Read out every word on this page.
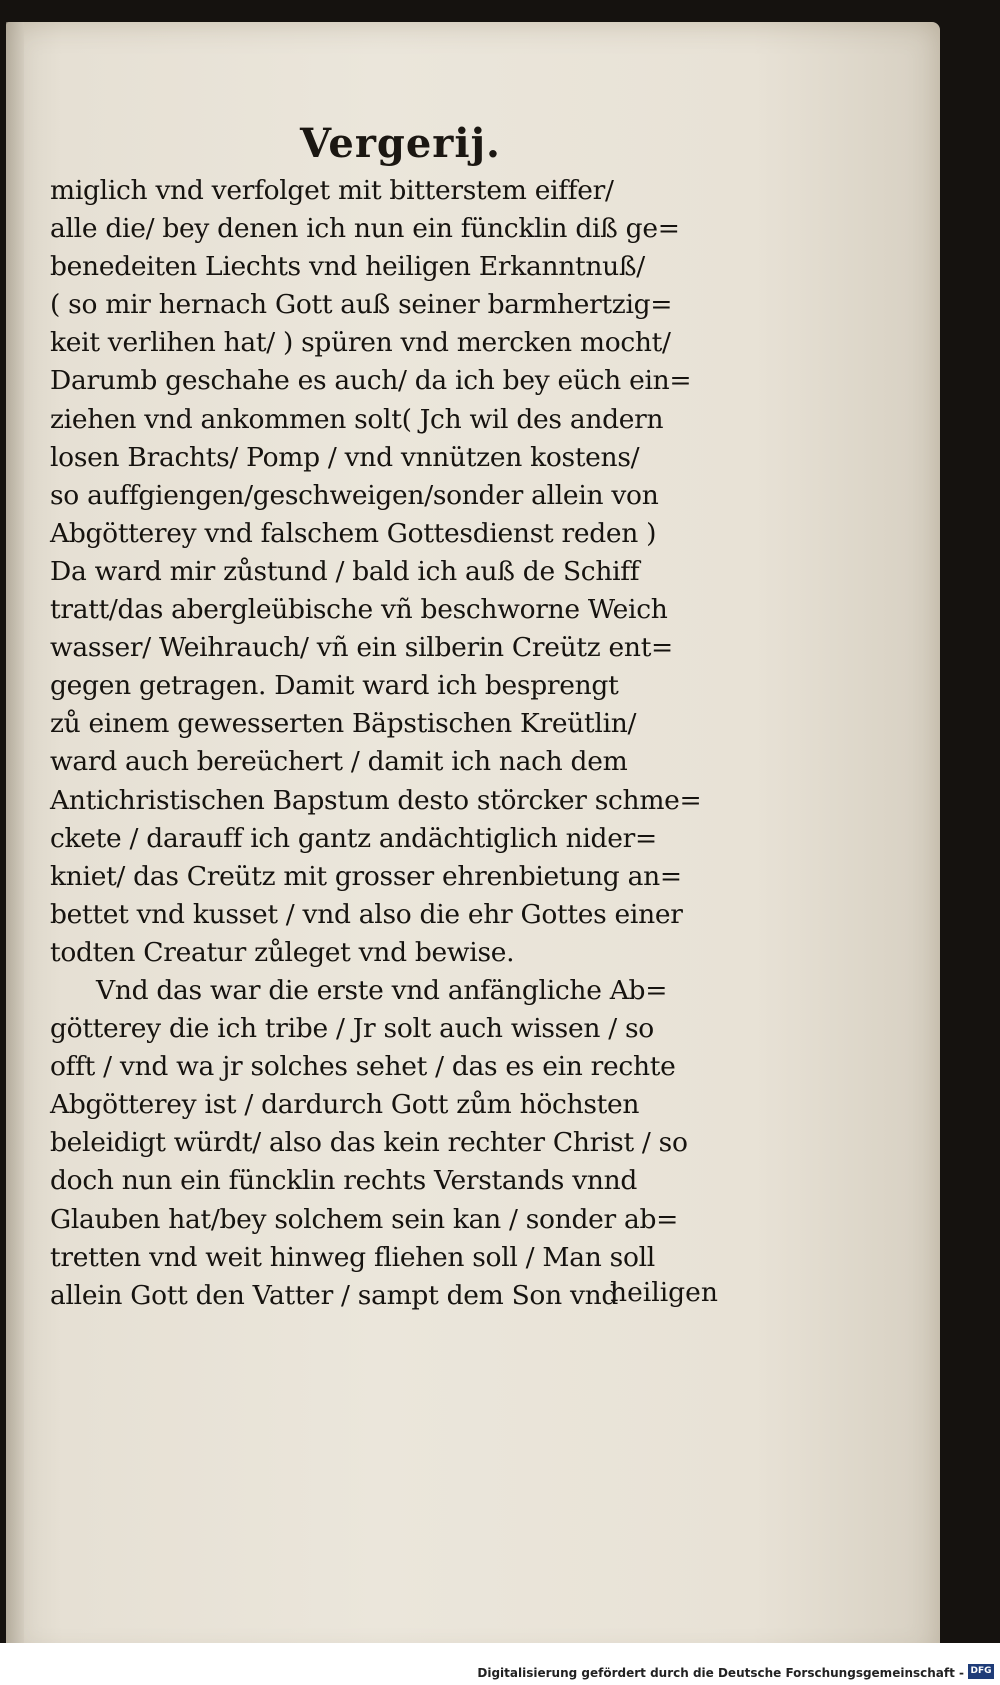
Vergerij.
miglich vnd verfolget mit bitterstem eiffer/
alle die/ bey denen ich nun ein füncklin diß ge=
benedeiten Liechts vnd heiligen Erkanntnuß/
( so mir hernach Gott auß seiner barmhertzig=
keit verlihen hat/ ) spüren vnd mercken mocht/
Darumb geschahe es auch/ da ich bey eüch ein=
ziehen vnd ankommen solt( Jch wil des andern
losen Brachts/ Pomp / vnd vnnützen kostens/
so auffgiengen/geschweigen/sonder allein von
Abgötterey vnd falschem Gottesdienst reden )
Da ward mir zůstund / bald ich auß de Schiff
tratt/das abergleübische vñ beschworne Weich
wasser/ Weihrauch/ vñ ein silberin Creütz ent=
gegen getragen. Damit ward ich besprengt
zů einem gewesserten Bäpstischen Kreütlin/
ward auch bereüchert / damit ich nach dem
Antichristischen Bapstum desto störcker schme=
ckete / darauff ich gantz andächtiglich nider=
kniet/ das Creütz mit grosser ehrenbietung an=
bettet vnd kusset / vnd also die ehr Gottes einer
todten Creatur zůleget vnd bewise.
Vnd das war die erste vnd anfängliche Ab=
götterey die ich tribe / Jr solt auch wissen / so
offt / vnd wa jr solches sehet / das es ein rechte
Abgötterey ist / dardurch Gott zům höchsten
beleidigt würdt/ also das kein rechter Christ / so
doch nun ein füncklin rechts Verstands vnnd
Glauben hat/bey solchem sein kan / sonder ab=
tretten vnd weit hinweg fliehen soll / Man soll
allein Gott den Vatter / sampt dem Son vnd
heiligen
Digitalisierung gefördert durch die Deutsche Forschungsgemeinschaft - DFG
